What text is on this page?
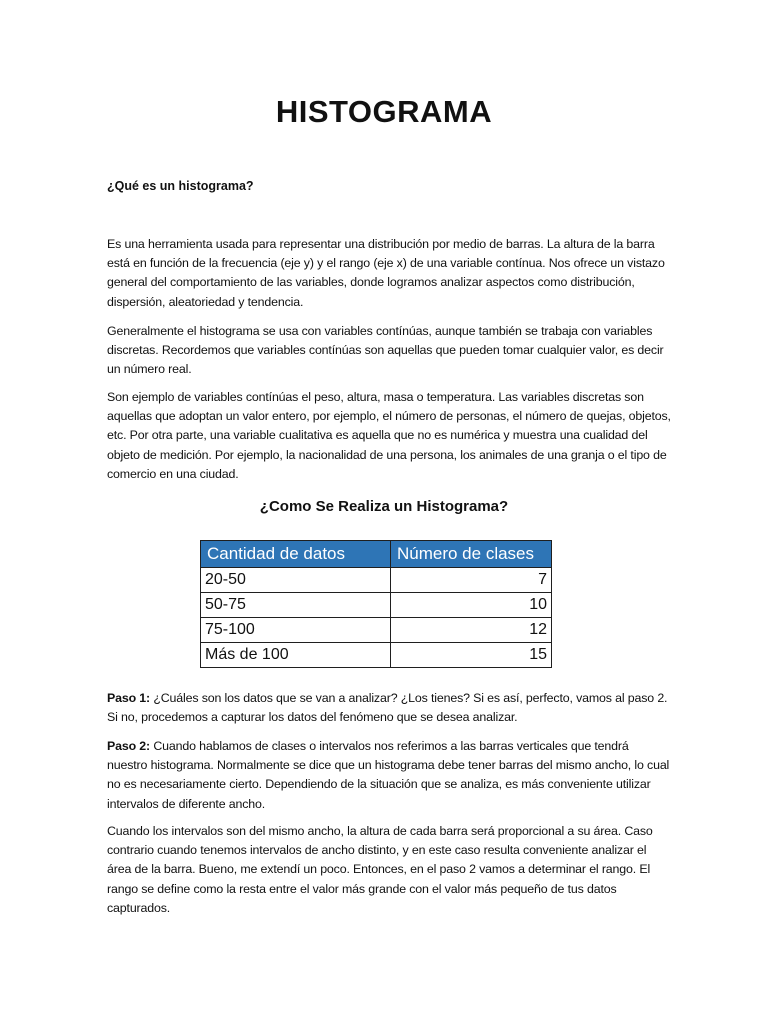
HISTOGRAMA

¿Qué es un histograma?

Es una herramienta usada para representar una distribución por medio de barras. La altura de la barra está en función de la frecuencia (eje y) y el rango (eje x) de una variable contínua. Nos ofrece un vistazo general del comportamiento de las variables, donde logramos analizar aspectos como distribución, dispersión, aleatoriedad y tendencia.

Generalmente el histograma se usa con variables contínúas, aunque también se trabaja con variables discretas. Recordemos que variables contínúas son aquellas que pueden tomar cualquier valor, es decir un número real.

Son ejemplo de variables contínúas el peso, altura, masa o temperatura. Las variables discretas son aquellas que adoptan un valor entero, por ejemplo, el número de personas, el número de quejas, objetos, etc. Por otra parte, una variable cualitativa es aquella que no es numérica y muestra una cualidad del objeto de medición. Por ejemplo, la nacionalidad de una persona, los animales de una granja o el tipo de comercio en una ciudad.

¿Como Se Realiza un Histograma?
Cantidad de datos	Número de clases
20-50	7
50-75	10
75-100	12
Más de 100	15

Paso 1: ¿Cuáles son los datos que se van a analizar? ¿Los tienes? Si es así, perfecto, vamos al paso 2. Si no, procedemos a capturar los datos del fenómeno que se desea analizar.

Paso 2: Cuando hablamos de clases o intervalos nos referimos a las barras verticales que tendrá nuestro histograma. Normalmente se dice que un histograma debe tener barras del mismo ancho, lo cual no es necesariamente cierto. Dependiendo de la situación que se analiza, es más conveniente utilizar intervalos de diferente ancho.

Cuando los intervalos son del mismo ancho, la altura de cada barra será proporcional a su área. Caso contrario cuando tenemos intervalos de ancho distinto, y en este caso resulta conveniente analizar el área de la barra. Bueno, me extendí un poco. Entonces, en el paso 2 vamos a determinar el rango. El rango se define como la resta entre el valor más grande con el valor más pequeño de tus datos capturados.
